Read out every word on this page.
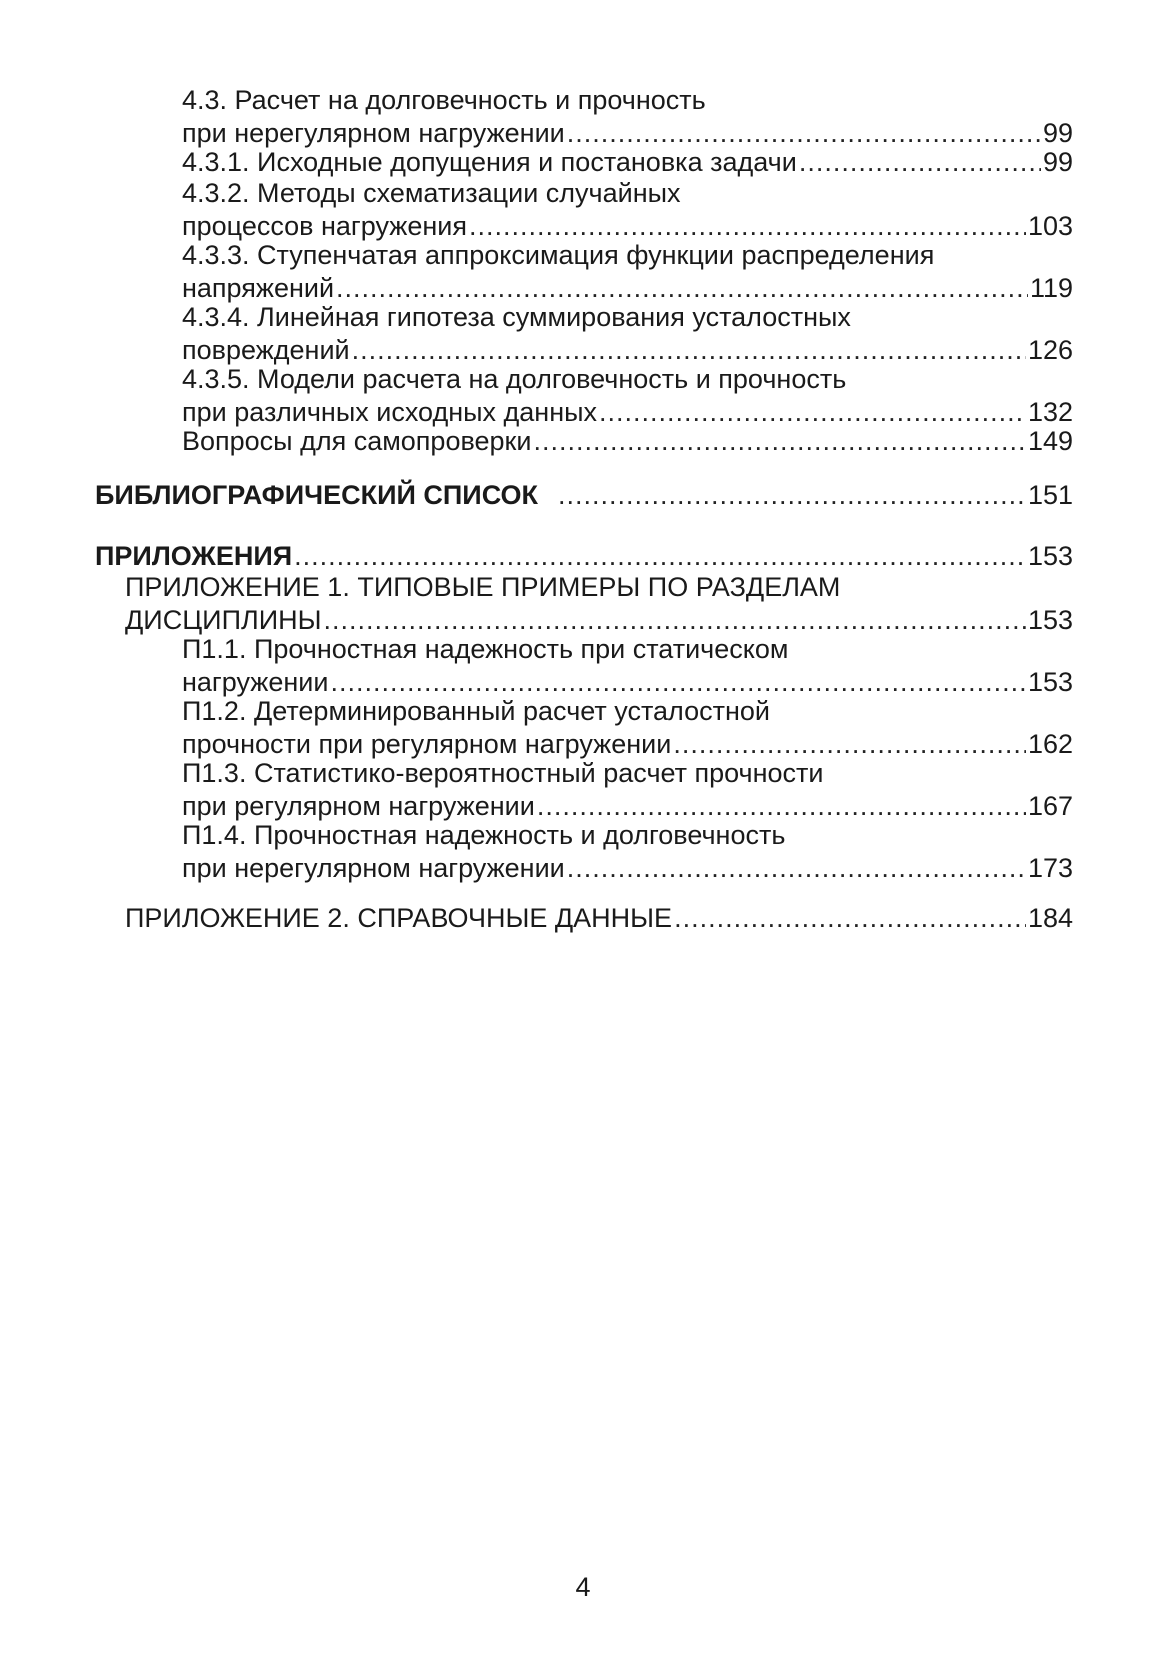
4.3. Расчет на долговечность и прочность
при нерегулярном нагружении .....	99
4.3.1. Исходные допущения и постановка задачи .....	99
4.3.2. Методы схематизации случайных
процессов нагружения .....	103
4.3.3. Ступенчатая аппроксимация функции распределения
напряжений .....	119
4.3.4. Линейная гипотеза суммирования усталостных
повреждений .....	126
4.3.5. Модели расчета на долговечность и прочность
при различных исходных данных .....	132
Вопросы для самопроверки .....	149
БИБЛИОГРАФИЧЕСКИЙ СПИСОК .....	151
ПРИЛОЖЕНИЯ .....	153
ПРИЛОЖЕНИЕ 1. ТИПОВЫЕ ПРИМЕРЫ ПО РАЗДЕЛАМ
ДИСЦИПЛИНЫ .....	153
П1.1. Прочностная надежность при статическом
нагружении .....	153
П1.2. Детерминированный расчет усталостной
прочности при регулярном нагружении .....	162
П1.3. Статистико-вероятностный расчет прочности
при регулярном нагружении .....	167
П1.4. Прочностная надежность и долговечность
при нерегулярном нагружении .....	173
ПРИЛОЖЕНИЕ 2. СПРАВОЧНЫЕ ДАННЫЕ .....	184
4
